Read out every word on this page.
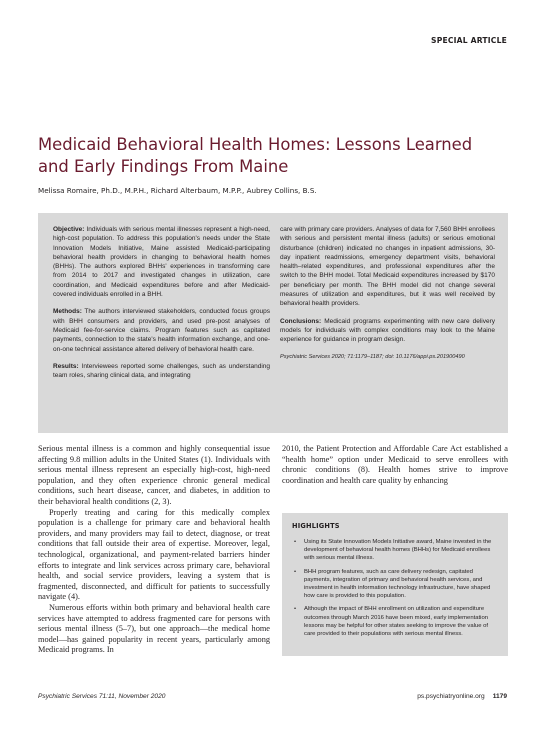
SPECIAL ARTICLE
Medicaid Behavioral Health Homes: Lessons Learned and Early Findings From Maine
Melissa Romaire, Ph.D., M.P.H., Richard Alterbaum, M.P.P., Aubrey Collins, B.S.

Objective: Individuals with serious mental illnesses represent a high-need, high-cost population. To address this population's needs under the State Innovation Models Initiative, Maine assisted Medicaid-participating behavioral health providers in changing to behavioral health homes (BHHs). The authors explored BHHs' experiences in transforming care from 2014 to 2017 and investigated changes in utilization, care coordination, and Medicaid expenditures before and after Medicaid-covered individuals enrolled in a BHH.

Methods: The authors interviewed stakeholders, conducted focus groups with BHH consumers and providers, and used pre-post analyses of Medicaid fee-for-service claims. Program features such as capitated payments, connection to the state's health information exchange, and one-on-one technical assistance altered delivery of behavioral health care.

Results: Interviewees reported some challenges, such as understanding team roles, sharing clinical data, and integrating

care with primary care providers. Analyses of data for 7,560 BHH enrollees with serious and persistent mental illness (adults) or serious emotional disturbance (children) indicated no changes in inpatient admissions, 30-day inpatient readmissions, emergency department visits, behavioral health–related expenditures, and professional expenditures after the switch to the BHH model. Total Medicaid expenditures increased by $170 per beneficiary per month. The BHH model did not change several measures of utilization and expenditures, but it was well received by behavioral health providers.

Conclusions: Medicaid programs experimenting with new care delivery models for individuals with complex conditions may look to the Maine experience for guidance in program design.

Psychiatric Services 2020; 71:1179–1187; doi: 10.1176/appi.ps.201900490

Serious mental illness is a common and highly consequential issue affecting 9.8 million adults in the United States (1). Individuals with serious mental illness represent an especially high-cost, high-need population, and they often experience chronic general medical conditions, such heart disease, cancer, and diabetes, in addition to their behavioral health conditions (2, 3).

Properly treating and caring for this medically complex population is a challenge for primary care and behavioral health providers, and many providers may fail to detect, diagnose, or treat conditions that fall outside their area of expertise. Moreover, legal, technological, organizational, and payment-related barriers hinder efforts to integrate and link services across primary care, behavioral health, and social service providers, leaving a system that is fragmented, disconnected, and difficult for patients to successfully navigate (4).

Numerous efforts within both primary and behavioral health care services have attempted to address fragmented care for persons with serious mental illness (5–7), but one approach—the medical home model—has gained popularity in recent years, particularly among Medicaid programs. In

2010, the Patient Protection and Affordable Care Act established a “health home” option under Medicaid to serve enrollees with chronic conditions (8). Health homes strive to improve coordination and health care quality by enhancing

HIGHLIGHTS
• Using its State Innovation Models Initiative award, Maine invested in the development of behavioral health homes (BHHs) for Medicaid enrollees with serious mental illness.
• BHH program features, such as care delivery redesign, capitated payments, integration of primary and behavioral health services, and investment in health information technology infrastructure, have shaped how care is provided to this population.
• Although the impact of BHH enrollment on utilization and expenditure outcomes through March 2016 have been mixed, early implementation lessons may be helpful for other states seeking to improve the value of care provided to their populations with serious mental illness.
Psychiatric Services 71:11, November 2020	ps.psychiatryonline.org 1179
